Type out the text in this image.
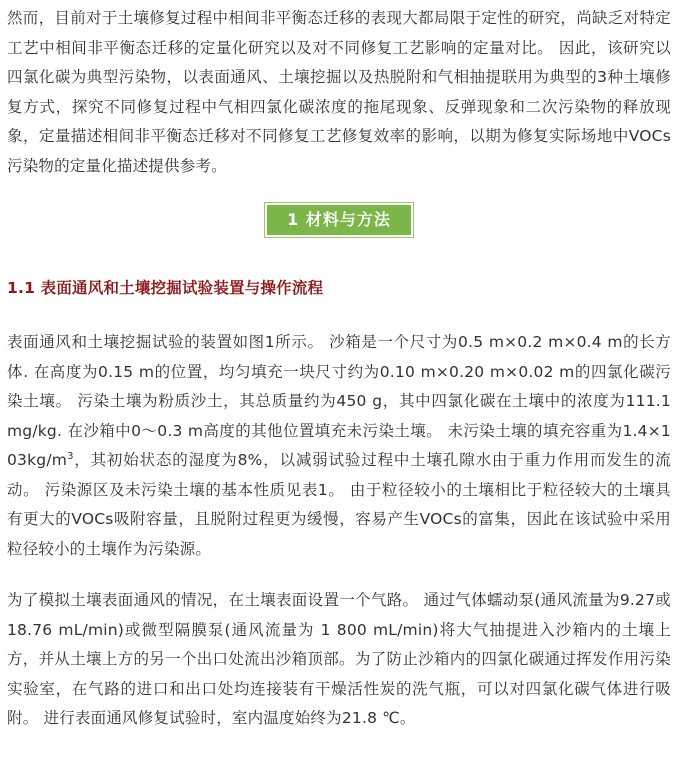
然而，目前对于土壤修复过程中相间非平衡态迁移的表现大都局限于定性的研究，尚缺乏对特定工艺中相间非平衡态迁移的定量化研究以及对不同修复工艺影响的定量对比。 因此，该研究以四氯化碳为典型污染物，以表面通风、土壤挖掘以及热脱附和气相抽提联用为典型的3种土壤修复方式，探究不同修复过程中气相四氯化碳浓度的拖尾现象、反弹现象和二次污染物的释放现象，定量描述相间非平衡态迁移对不同修复工艺修复效率的影响，以期为修复实际场地中VOCs污染物的定量化描述提供参考。

1 材料与方法
1.1 表面通风和土壤挖掘试验装置与操作流程

表面通风和土壤挖掘试验的装置如图1所示。 沙箱是一个尺寸为0.5 m×0.2 m×0.4 m的长方体. 在高度为0.15 m的位置，均匀填充一块尺寸约为0.10 m×0.20 m×0.02 m的四氯化碳污染土壤。 污染土壤为粉质沙土，其总质量约为450 g，其中四氯化碳在土壤中的浓度为111.1 mg/kg. 在沙箱中0～0.3 m高度的其他位置填充未污染土壤。 未污染土壤的填充容重为$1.4\times 103kg/m^3$，其初始状态的湿度为8%，以减弱试验过程中土壤孔隙水由于重力作用而发生的流动。 污染源区及未污染土壤的基本性质见表1。 由于粒径较小的土壤相比于粒径较大的土壤具有更大的VOCs吸附容量，且脱附过程更为缓慢，容易产生VOCs的富集，因此在该试验中采用粒径较小的土壤作为污染源。

为了模拟土壤表面通风的情况，在土壤表面设置一个气路。 通过气体蠕动泵(通风流量为9.27或18.76 mL/min)或微型隔膜泵(通风流量为 1 800 mL/min)将大气抽提进入沙箱内的土壤上方，并从土壤上方的另一个出口处流出沙箱顶部。为了防止沙箱内的四氯化碳通过挥发作用污染实验室，在气路的进口和出口处均连接装有干燥活性炭的洗气瓶，可以对四氯化碳气体进行吸附。 进行表面通风修复试验时，室内温度始终为21.8 ℃。
